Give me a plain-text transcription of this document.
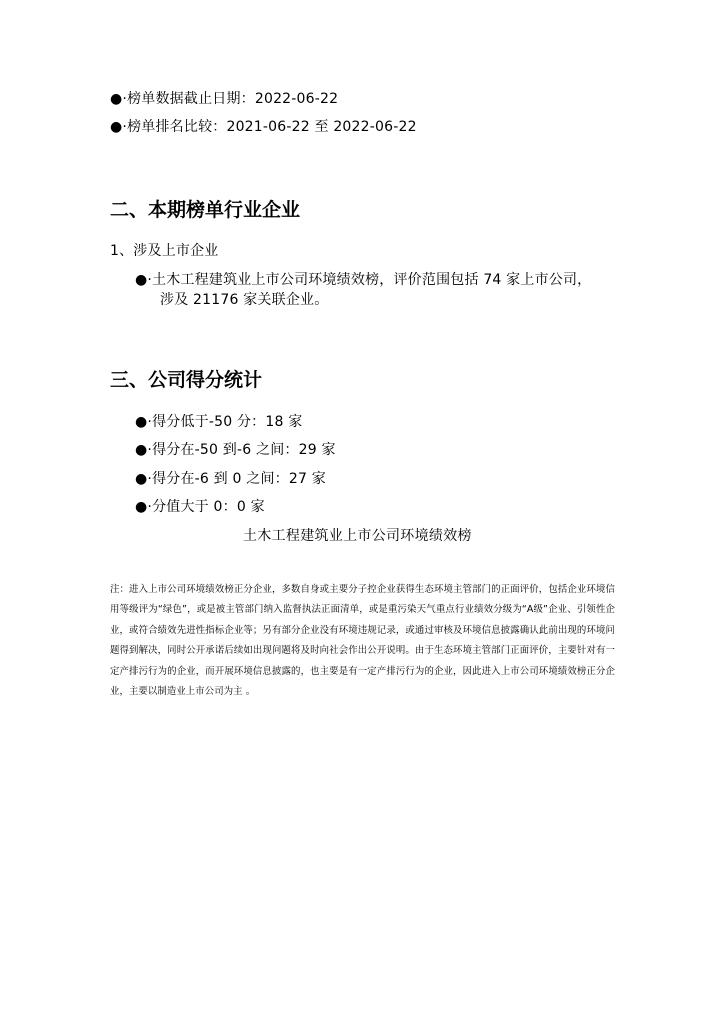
●·榜单数据截止日期：2022-06-22
●·榜单排名比较：2021-06-22 至 2022-06-22
二、本期榜单行业企业
1、涉及上市企业
●·土木工程建筑业上市公司环境绩效榜，评价范围包括 74 家上市公司，
涉及 21176 家关联企业。
三、公司得分统计
●·得分低于-50 分：18 家
●·得分在-50 到-6 之间：29 家
●·得分在-6 到 0 之间：27 家
●·分值大于 0：0 家
土木工程建筑业上市公司环境绩效榜
注：进入上市公司环境绩效榜正分企业，多数自身或主要分子控企业获得生态环境主管部门的正面评价，包括企业环境信用等级评为“绿色”，或是被主管部门纳入监督执法正面清单，或是重污染天气重点行业绩效分级为“A级”企业、引领性企业，或符合绩效先进性指标企业等；另有部分企业没有环境违规记录，或通过审核及环境信息披露确认此前出现的环境问题得到解决，同时公开承诺后续如出现问题将及时向社会作出公开说明。由于生态环境主管部门正面评价，主要针对有一定产排污行为的企业，而开展环境信息披露的，也主要是有一定产排污行为的企业，因此进入上市公司环境绩效榜正分企业，主要以制造业上市公司为主 。
